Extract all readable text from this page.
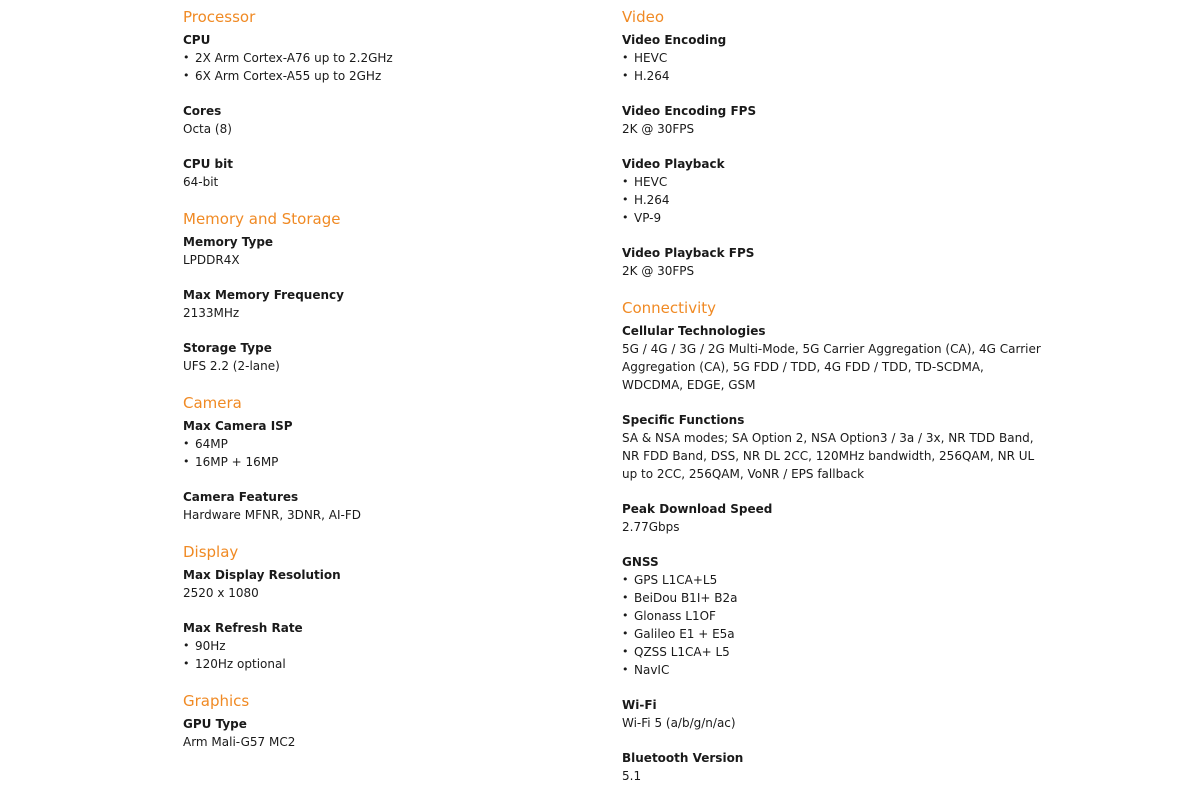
Processor
CPU
• 2X Arm Cortex-A76 up to 2.2GHz
• 6X Arm Cortex-A55 up to 2GHz
Cores
Octa (8)
CPU bit
64-bit
Memory and Storage
Memory Type
LPDDR4X
Max Memory Frequency
2133MHz
Storage Type
UFS 2.2 (2-lane)
Camera
Max Camera ISP
• 64MP
• 16MP + 16MP
Camera Features
Hardware MFNR, 3DNR, AI-FD
Display
Max Display Resolution
2520 x 1080
Max Refresh Rate
• 90Hz
• 120Hz optional
Graphics
GPU Type
Arm Mali-G57 MC2
Video
Video Encoding
• HEVC
• H.264
Video Encoding FPS
2K @ 30FPS
Video Playback
• HEVC
• H.264
• VP-9
Video Playback FPS
2K @ 30FPS
Connectivity
Cellular Technologies
5G / 4G / 3G / 2G Multi-Mode, 5G Carrier Aggregation (CA), 4G Carrier Aggregation (CA), 5G FDD / TDD, 4G FDD / TDD, TD-SCDMA, WDCDMA, EDGE, GSM
Specific Functions
SA & NSA modes; SA Option 2, NSA Option3 / 3a / 3x, NR TDD Band, NR FDD Band, DSS, NR DL 2CC, 120MHz bandwidth, 256QAM, NR UL up to 2CC, 256QAM, VoNR / EPS fallback
Peak Download Speed
2.77Gbps
GNSS
• GPS L1CA+L5
• BeiDou B1I+ B2a
• Glonass L1OF
• Galileo E1 + E5a
• QZSS L1CA+ L5
• NavIC
Wi-Fi
Wi-Fi 5 (a/b/g/n/ac)
Bluetooth Version
5.1
